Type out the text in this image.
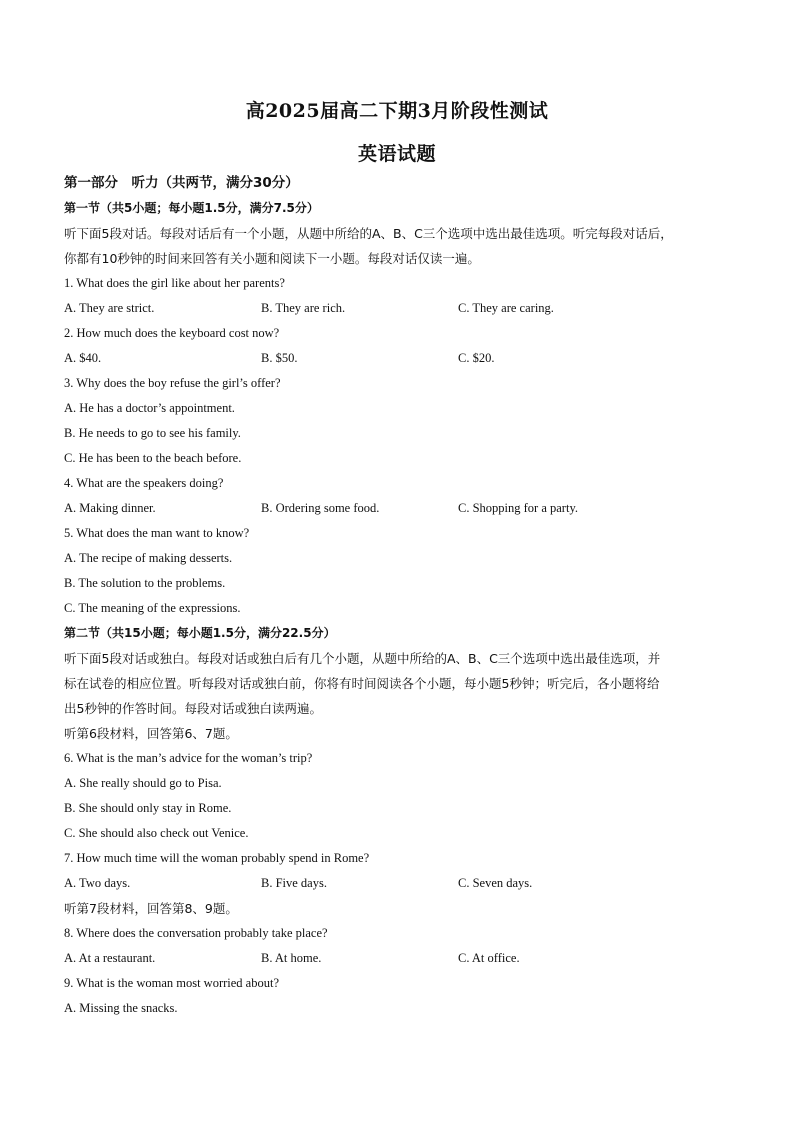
高2025届高二下期3月阶段性测试
英语试题
第一部分　听力（共两节，满分30分）
第一节（共5小题；每小题1.5分，满分7.5分）
听下面5段对话。每段对话后有一个小题，从题中所给的A、B、C三个选项中选出最佳选项。听完每段对话后，
你都有10秒钟的时间来回答有关小题和阅读下一小题。每段对话仅读一遍。
1. What does the girl like about her parents?
A. They are strict.	B. They are rich.	C. They are caring.
2. How much does the keyboard cost now?
A. $40.	B. $50.	C. $20.
3. Why does the boy refuse the girl’s offer?
A. He has a doctor’s appointment.
B. He needs to go to see his family.
C. He has been to the beach before.
4. What are the speakers doing?
A. Making dinner.	B. Ordering some food.	C. Shopping for a party.
5. What does the man want to know?
A. The recipe of making desserts.
B. The solution to the problems.
C. The meaning of the expressions.
第二节（共15小题；每小题1.5分，满分22.5分）
听下面5段对话或独白。每段对话或独白后有几个小题，从题中所给的A、B、C三个选项中选出最佳选项，并
标在试卷的相应位置。听每段对话或独白前，你将有时间阅读各个小题，每小题5秒钟；听完后，各小题将给
出5秒钟的作答时间。每段对话或独白读两遍。
听第6段材料，回答第6、7题。
6. What is the man’s advice for the woman’s trip?
A. She really should go to Pisa.
B. She should only stay in Rome.
C. She should also check out Venice.
7. How much time will the woman probably spend in Rome?
A. Two days.	B. Five days.	C. Seven days.
听第7段材料，回答第8、9题。
8. Where does the conversation probably take place?
A. At a restaurant.	B. At home.	C. At office.
9. What is the woman most worried about?
A. Missing the snacks.
